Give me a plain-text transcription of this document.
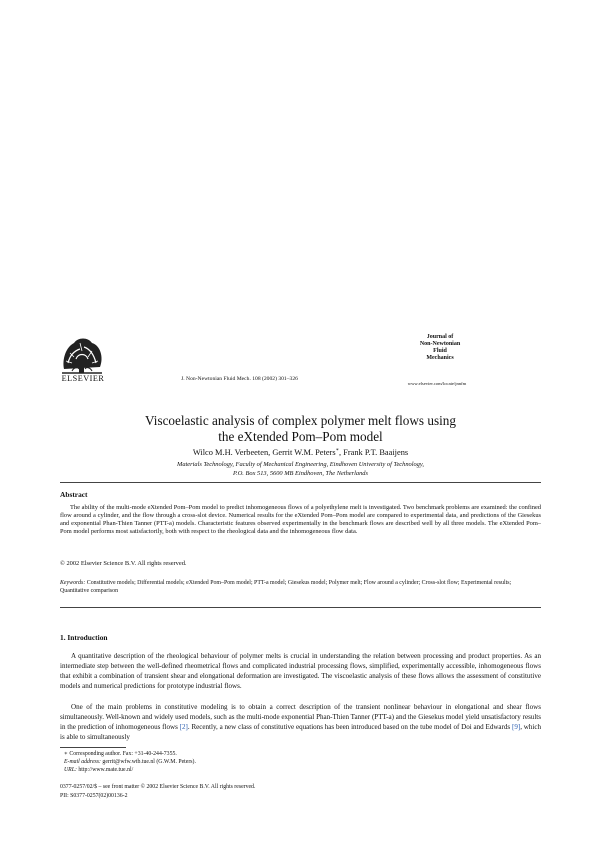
ELSEVIER	J. Non-Newtonian Fluid Mech. 108 (2002) 301–326
Journal of
Non-Newtonian
Fluid
Mechanics
www.elsevier.com/locate/jnnfm
Viscoelastic analysis of complex polymer melt flows using
the eXtended Pom–Pom model
Wilco M.H. Verbeeten, Gerrit W.M. Peters∗, Frank P.T. Baaijens
Materials Technology, Faculty of Mechanical Engineering, Eindhoven University of Technology,
P.O. Box 513, 5600 MB Eindhoven, The Netherlands
Abstract
The ability of the multi-mode eXtended Pom–Pom model to predict inhomogeneous flows of a polyethylene melt is investigated. Two benchmark problems are examined: the confined flow around a cylinder, and the flow through a cross-slot device. Numerical results for the eXtended Pom–Pom model are compared to experimental data, and predictions of the Giesekus and exponential Phan-Thien Tanner (PTT-a) models. Characteristic features observed experimentally in the benchmark flows are described well by all three models. The eXtended Pom–Pom model performs most satisfactorily, both with respect to the rheological data and the inhomogeneous flow data.
© 2002 Elsevier Science B.V. All rights reserved.
Keywords: Constitutive models; Differential models; eXtended Pom–Pom model; PTT-a model; Giesekus model; Polymer melt; Flow around a cylinder; Cross-slot flow; Experimental results; Quantitative comparison
1. Introduction
A quantitative description of the rheological behaviour of polymer melts is crucial in understanding the relation between processing and product properties. As an intermediate step between the well-defined rheometrical flows and complicated industrial processing flows, simplified, experimentally accessible, inhomogeneous flows that exhibit a combination of transient shear and elongational deformation are investigated. The viscoelastic analysis of these flows allows the assessment of constitutive models and numerical predictions for prototype industrial flows.
One of the main problems in constitutive modeling is to obtain a correct description of the transient nonlinear behaviour in elongational and shear flows simultaneously. Well-known and widely used models, such as the multi-mode exponential Phan-Thien Tanner (PTT-a) and the Giesekus model yield unsatisfactory results in the prediction of inhomogeneous flows [2]. Recently, a new class of constitutive equations has been introduced based on the tube model of Doi and Edwards [9], which is able to simultaneously
∗ Corresponding author. Fax: +31-40-244-7355.
E-mail address: gerrit@wfw.wtb.tue.nl (G.W.M. Peters).
URL: http://www.mate.tue.nl/
0377-0257/02/$ – see front matter © 2002 Elsevier Science B.V. All rights reserved.
PII: S0377-0257(02)00136-2
